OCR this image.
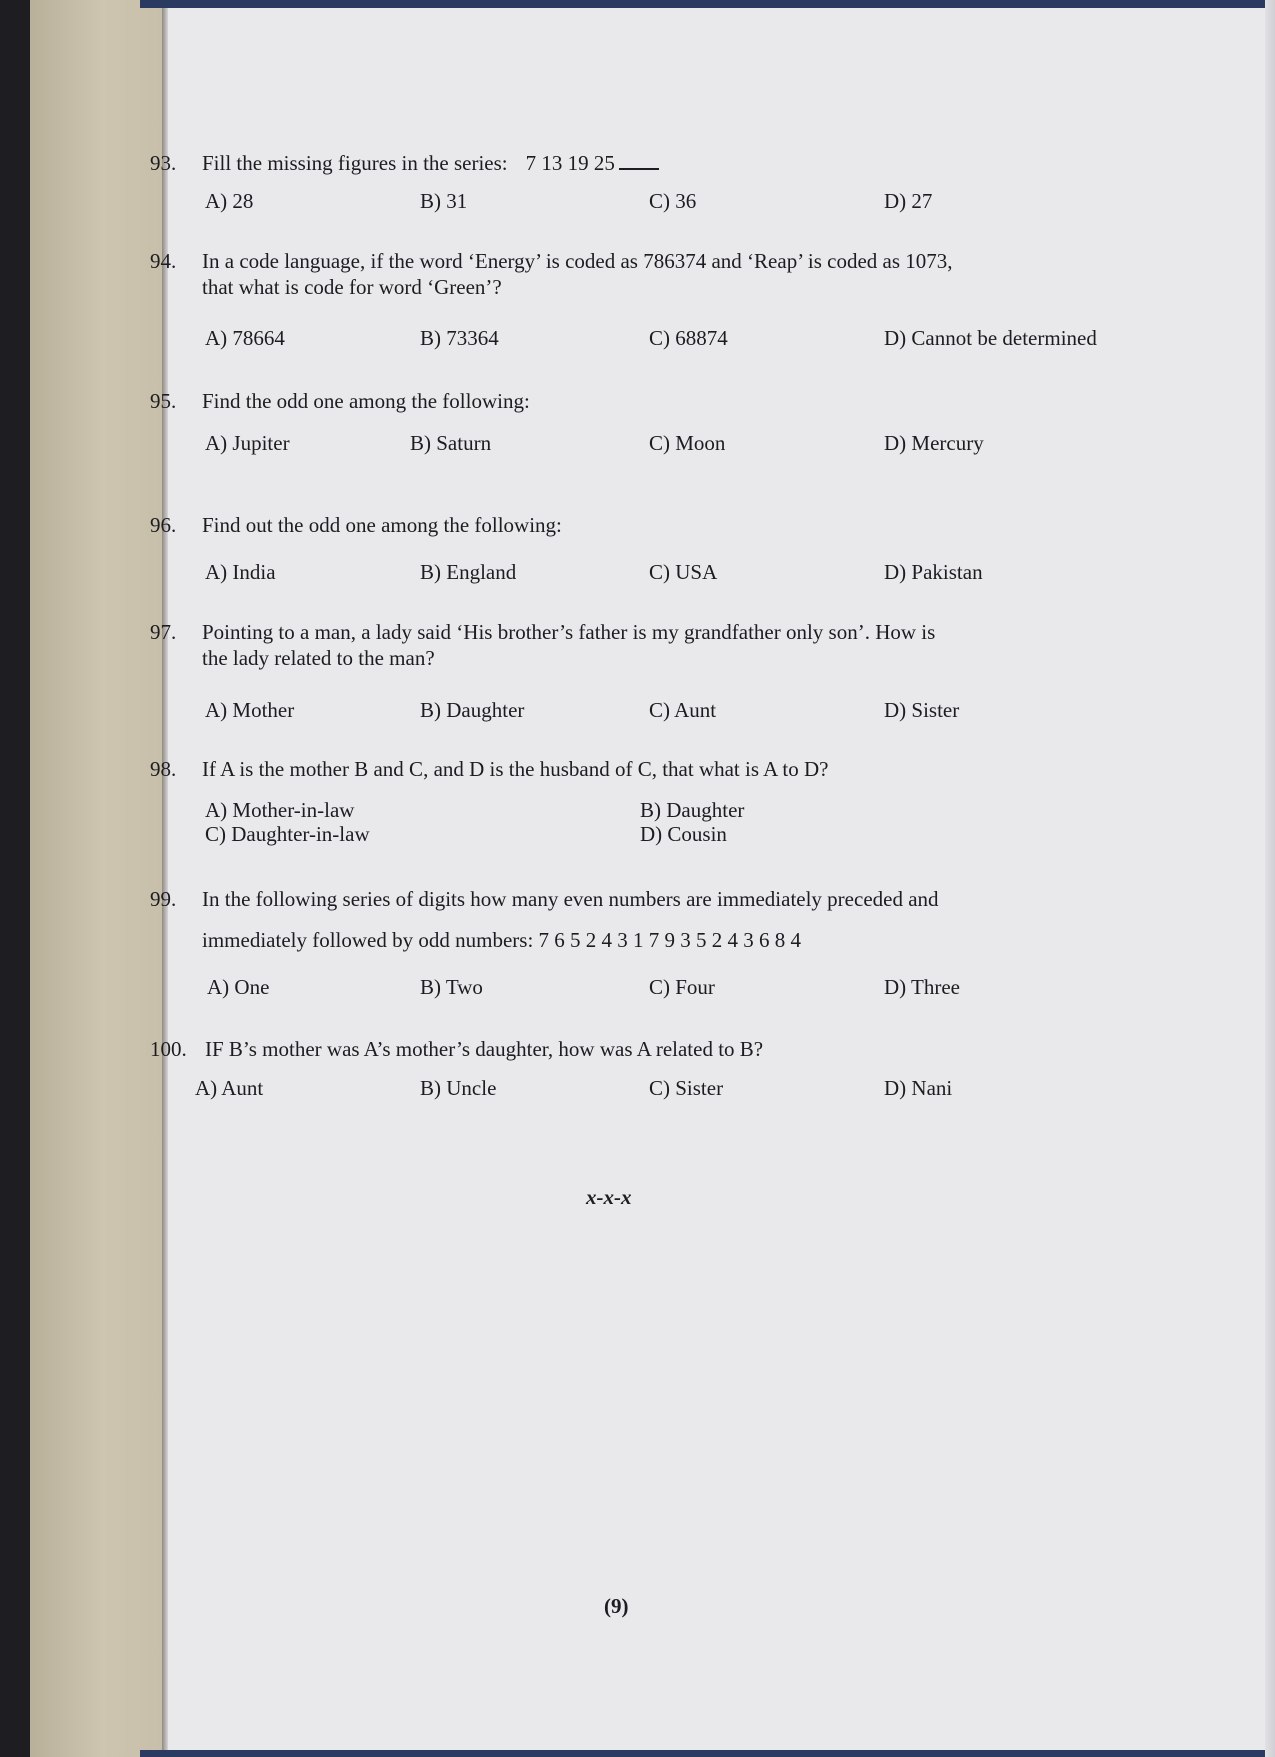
93. Fill the missing figures in the series: 7 13 19 25
A) 28	B) 31	C) 36	D) 27
94. In a code language, if the word ‘Energy’ is coded as 786374 and ‘Reap’ is coded as 1073,
that what is code for word ‘Green’?
A) 78664	B) 73364	C) 68874	D) Cannot be determined
95. Find the odd one among the following:
A) Jupiter	B) Saturn	C) Moon	D) Mercury
96. Find out the odd one among the following:
A) India	B) England	C) USA	D) Pakistan
97. Pointing to a man, a lady said ‘His brother’s father is my grandfather only son’. How is
the lady related to the man?
A) Mother	B) Daughter	C) Aunt	D) Sister
98. If A is the mother B and C, and D is the husband of C, that what is A to D?
A) Mother-in-law	B) Daughter
C) Daughter-in-law	D) Cousin
99. In the following series of digits how many even numbers are immediately preceded and
immediately followed by odd numbers: 7 6 5 2 4 3 1 7 9 3 5 2 4 3 6 8 4
A) One	B) Two	C) Four	D) Three
100. IF B’s mother was A’s mother’s daughter, how was A related to B?
A) Aunt	B) Uncle	C) Sister	D) Nani
x-x-x
(9)
